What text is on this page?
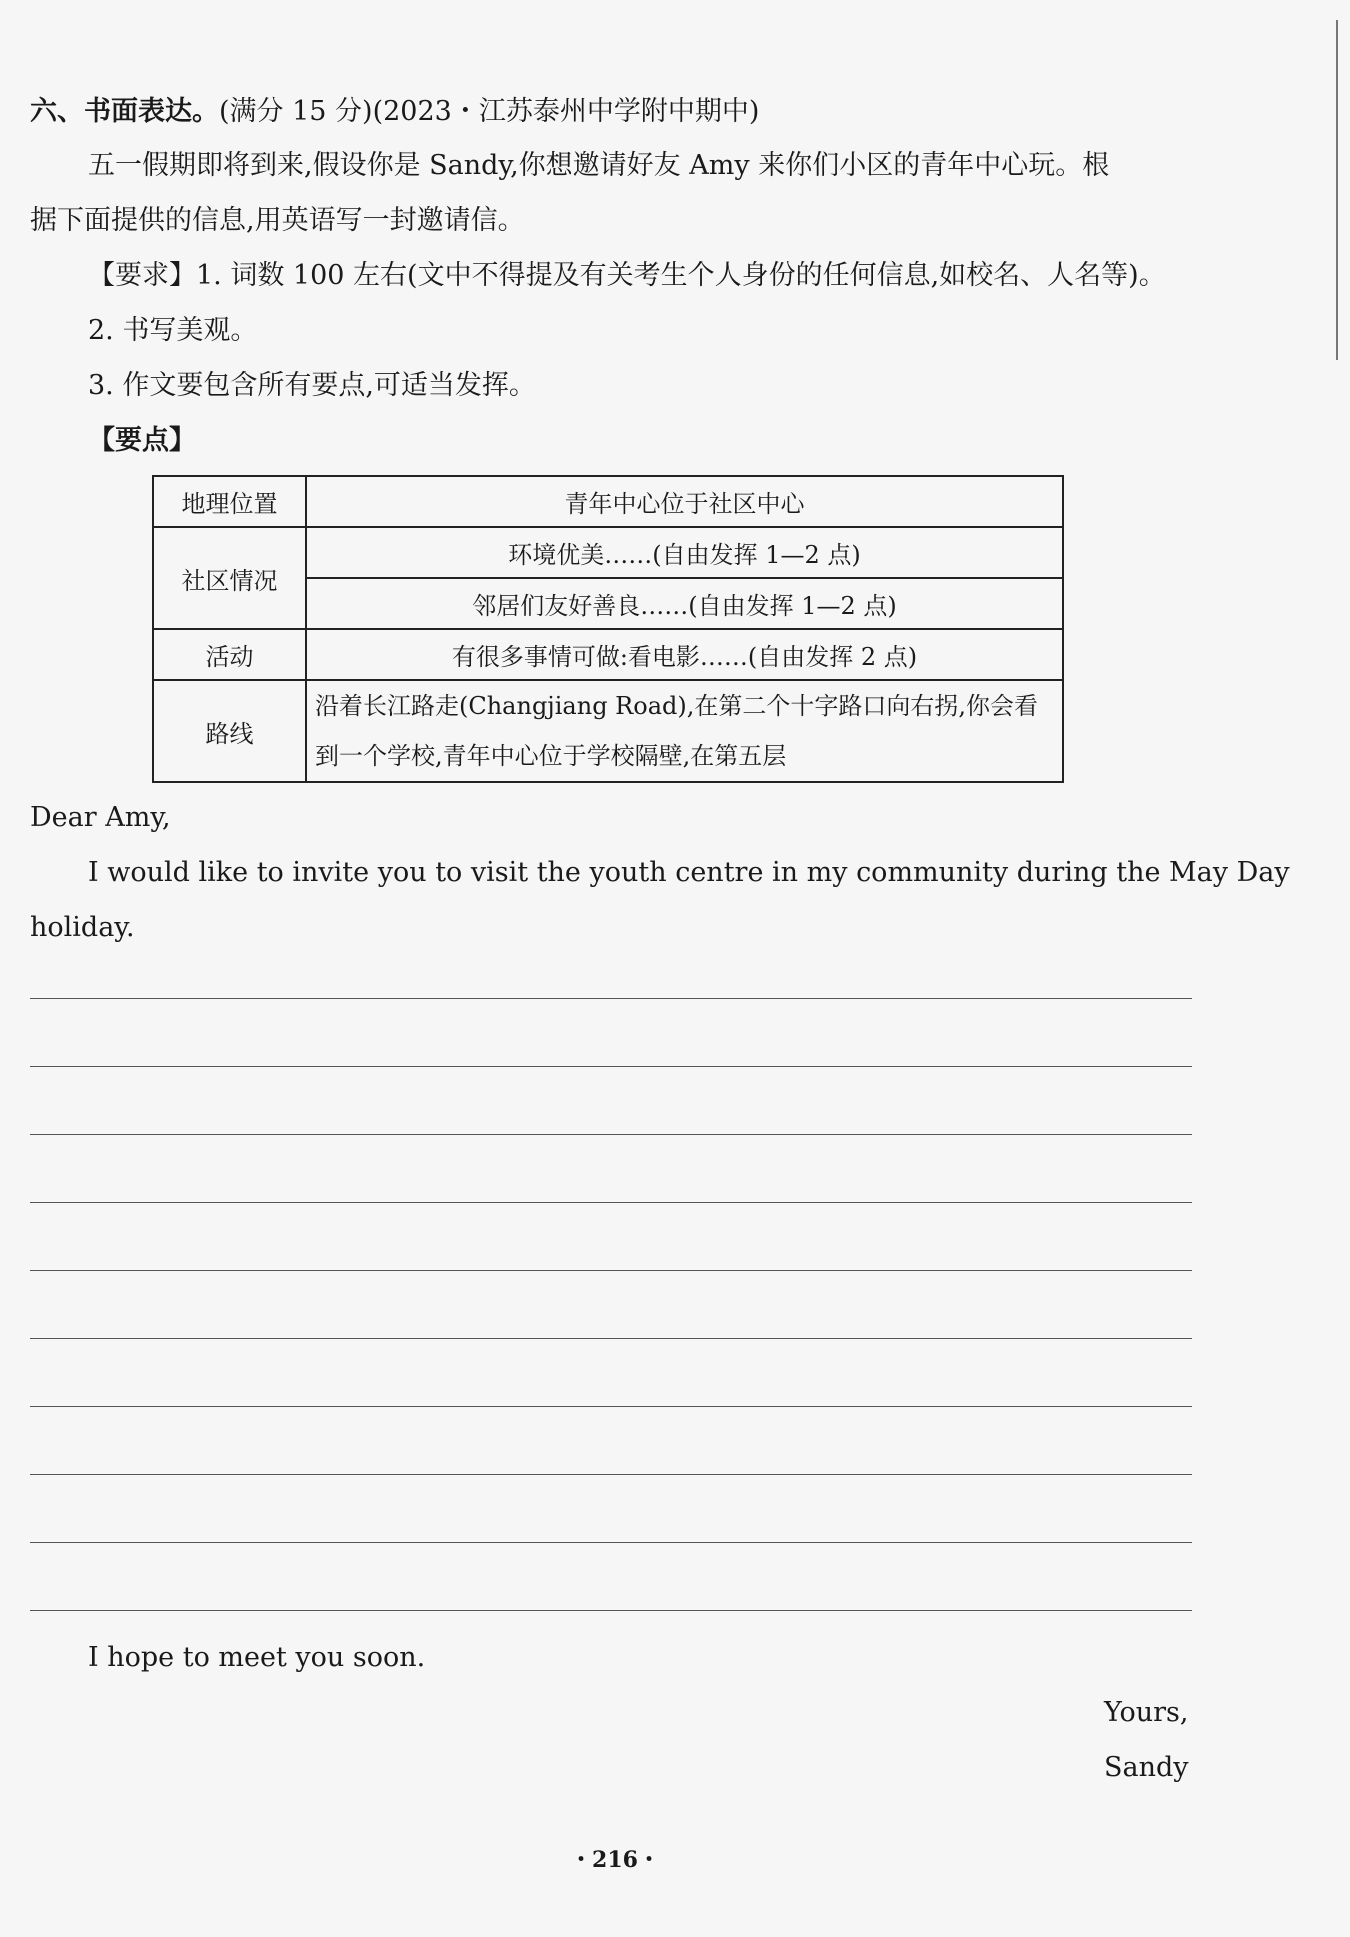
六、书面表达。(满分 15 分)(2023・江苏泰州中学附中期中)
五一假期即将到来,假设你是 Sandy,你想邀请好友 Amy 来你们小区的青年中心玩。根
据下面提供的信息,用英语写一封邀请信。
【要求】1. 词数 100 左右(文中不得提及有关考生个人身份的任何信息,如校名、人名等)。
2. 书写美观。
3. 作文要包含所有要点,可适当发挥。
【要点】
地理位置	青年中心位于社区中心
社区情况	环境优美……(自由发挥 1—2 点)
	邻居们友好善良……(自由发挥 1—2 点)
活动	有很多事情可做:看电影……(自由发挥 2 点)
路线	沿着长江路走(Changjiang Road),在第二个十字路口向右拐,你会看
到一个学校,青年中心位于学校隔壁,在第五层
Dear Amy,
I would like to invite you to visit the youth centre in my community during the May Day
holiday.
I hope to meet you soon.
Yours,
Sandy
・216・
